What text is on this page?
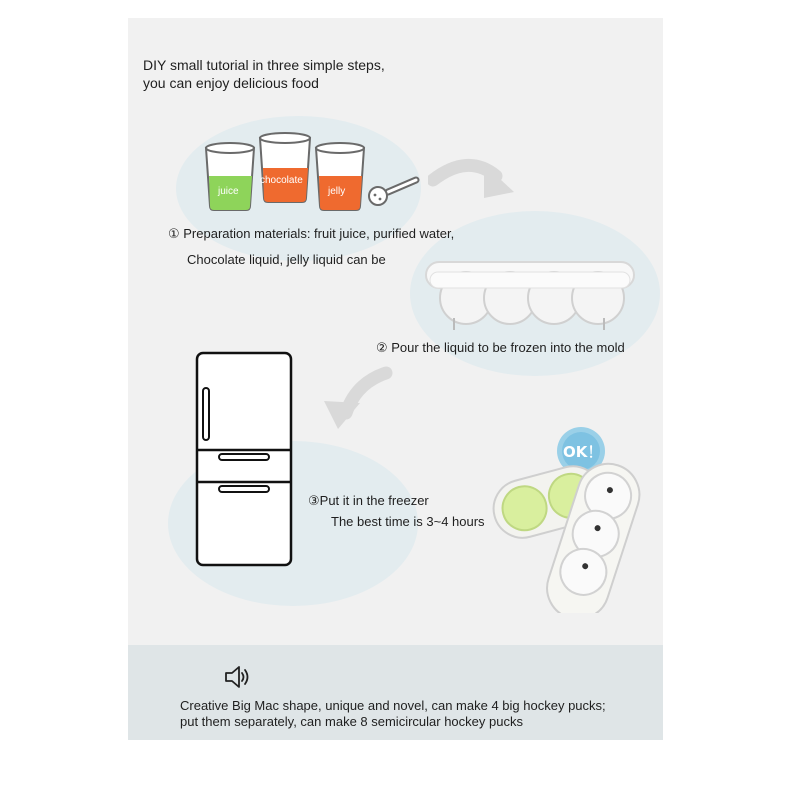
DIY small tutorial in three simple steps,
you can enjoy delicious food
juice
chocolate
jelly
① Preparation materials: fruit juice, purified water,
Chocolate liquid, jelly liquid can be
② Pour the liquid to be frozen into the mold
③Put it in the freezer
The best time is 3~4 hours
OK！
Creative Big Mac shape, unique and novel, can make 4 big hockey pucks;
put them separately, can make 8 semicircular hockey pucks
